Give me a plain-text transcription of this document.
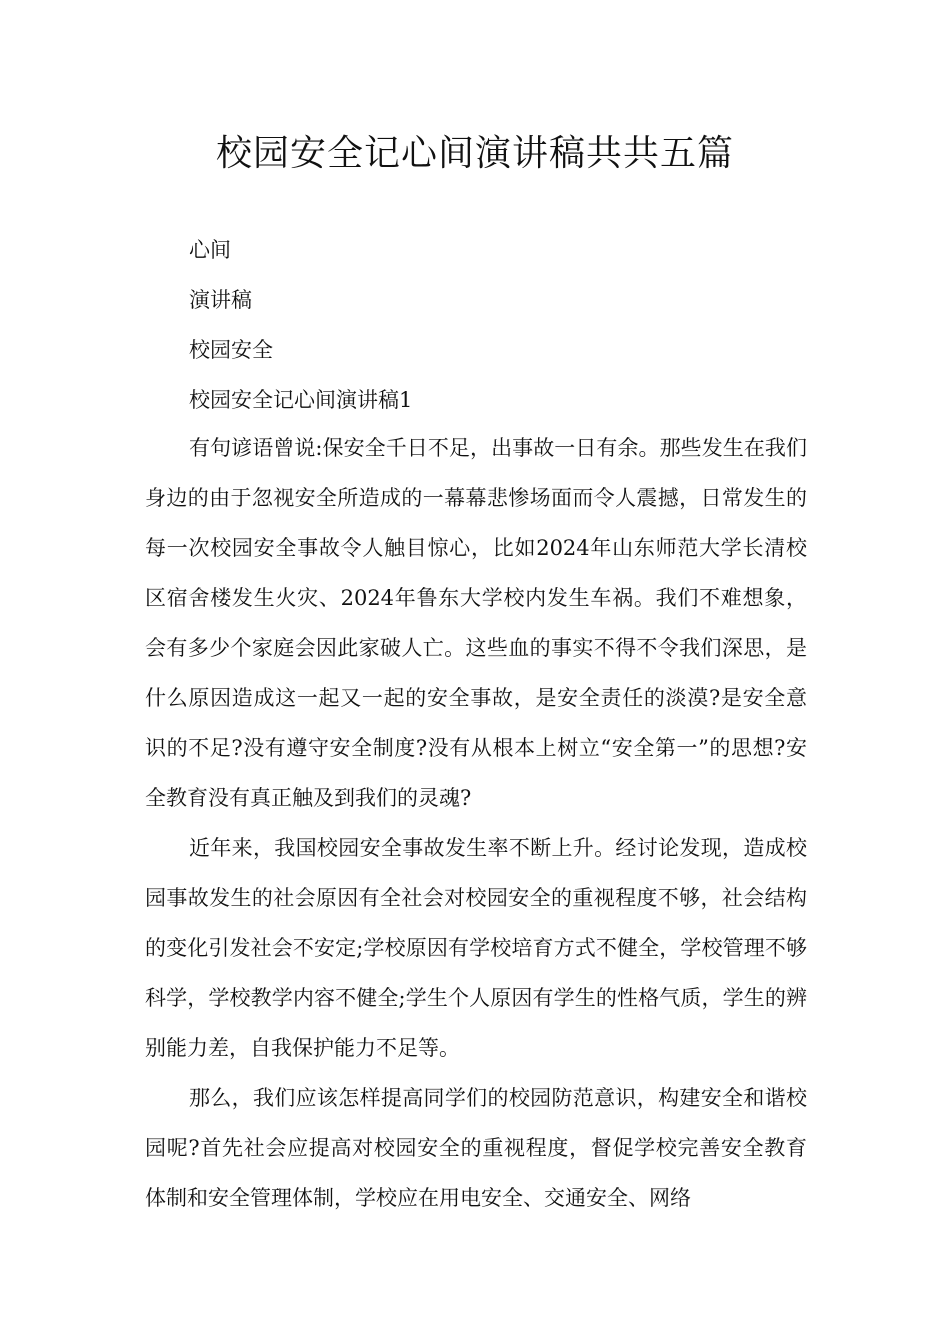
校园安全记心间演讲稿共共五篇

心间

演讲稿

校园安全

校园安全记心间演讲稿1

有句谚语曾说:保安全千日不足，出事故一日有余。那些发生在我们身边的由于忽视安全所造成的一幕幕悲惨场面而令人震撼，日常发生的每一次校园安全事故令人触目惊心，比如2024年山东师范大学长清校区宿舍楼发生火灾、2024年鲁东大学校内发生车祸。我们不难想象，会有多少个家庭会因此家破人亡。这些血的事实不得不令我们深思，是什么原因造成这一起又一起的安全事故，是安全责任的淡漠?是安全意识的不足?没有遵守安全制度?没有从根本上树立“安全第一”的思想?安全教育没有真正触及到我们的灵魂?

近年来，我国校园安全事故发生率不断上升。经讨论发现，造成校园事故发生的社会原因有全社会对校园安全的重视程度不够，社会结构的变化引发社会不安定;学校原因有学校培育方式不健全，学校管理不够科学，学校教学内容不健全;学生个人原因有学生的性格气质，学生的辨别能力差，自我保护能力不足等。

那么，我们应该怎样提高同学们的校园防范意识，构建安全和谐校园呢?首先社会应提高对校园安全的重视程度，督促学校完善安全教育体制和安全管理体制，学校应在用电安全、交通安全、网络
